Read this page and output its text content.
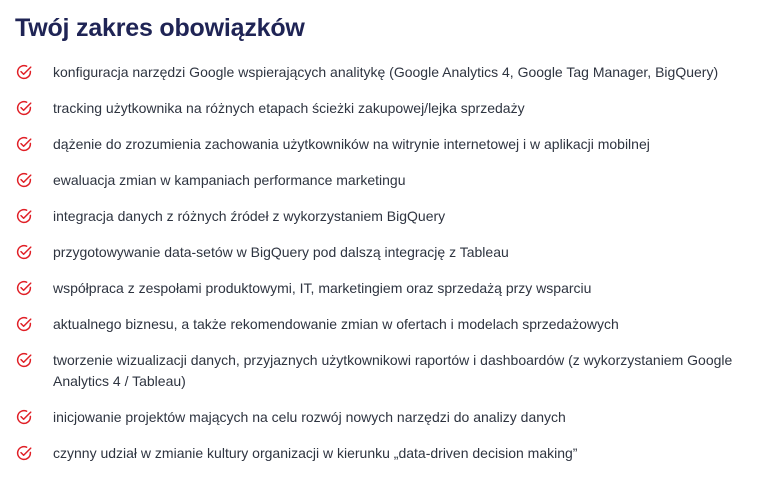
Twój zakres obowiązków
konfiguracja narzędzi Google wspierających analitykę (Google Analytics 4, Google Tag Manager, BigQuery)
tracking użytkownika na różnych etapach ścieżki zakupowej/lejka sprzedaży
dążenie do zrozumienia zachowania użytkowników na witrynie internetowej i w aplikacji mobilnej
ewaluacja zmian w kampaniach performance marketingu
integracja danych z różnych źródeł z wykorzystaniem BigQuery
przygotowywanie data-setów w BigQuery pod dalszą integrację z Tableau
współpraca z zespołami produktowymi, IT, marketingiem oraz sprzedażą przy wsparciu
aktualnego biznesu, a także rekomendowanie zmian w ofertach i modelach sprzedażowych
tworzenie wizualizacji danych, przyjaznych użytkownikowi raportów i dashboardów (z wykorzystaniem Google Analytics 4 / Tableau)
inicjowanie projektów mających na celu rozwój nowych narzędzi do analizy danych
czynny udział w zmianie kultury organizacji w kierunku „data-driven decision making”
